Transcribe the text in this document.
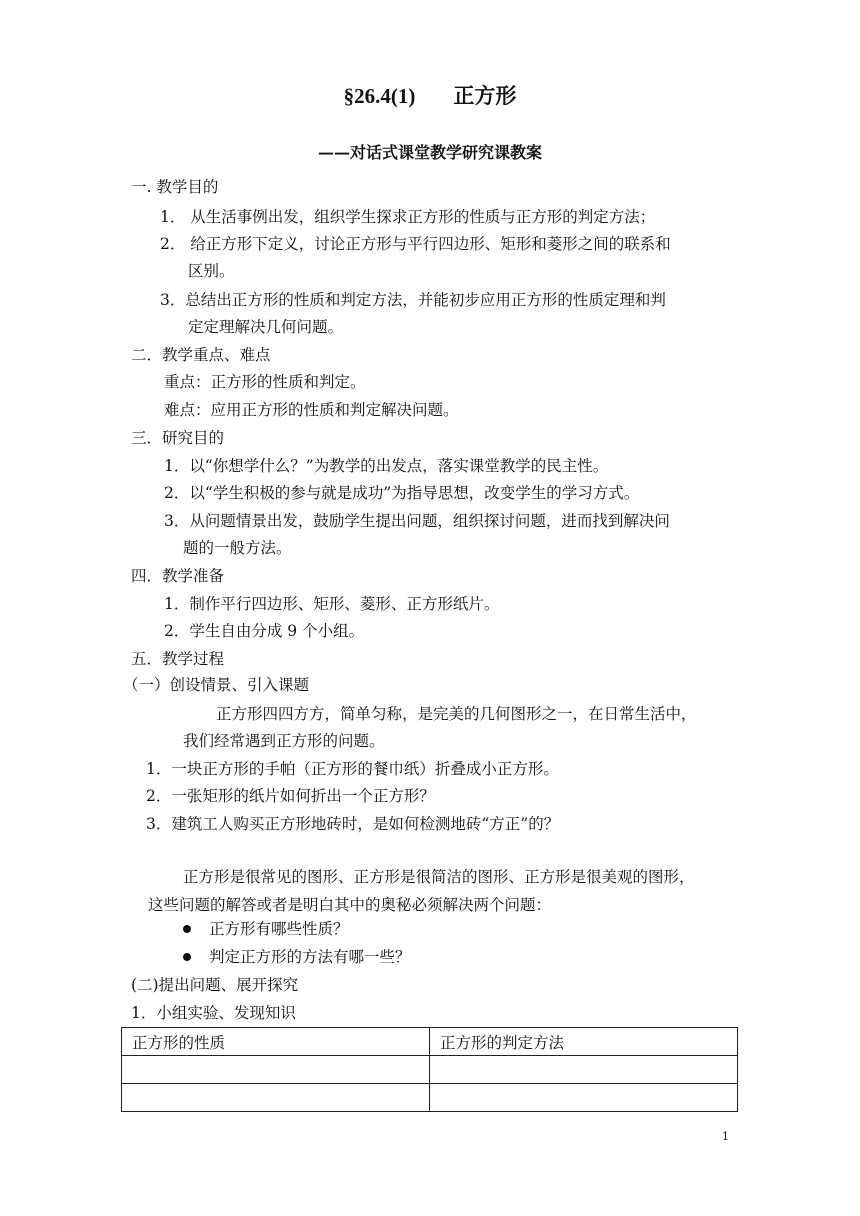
§26.4(1) 正方形
——对话式课堂教学研究课教案
一. 教学目的
1． 从生活事例出发，组织学生探求正方形的性质与正方形的判定方法；
2． 给正方形下定义，讨论正方形与平行四边形、矩形和菱形之间的联系和
区别。
3．总结出正方形的性质和判定方法，并能初步应用正方形的性质定理和判
定定理解决几何问题。
二．教学重点、难点
重点：正方形的性质和判定。
难点：应用正方形的性质和判定解决问题。
三．研究目的
1．以“你想学什么？”为教学的出发点，落实课堂教学的民主性。
2．以“学生积极的参与就是成功”为指导思想，改变学生的学习方式。
3．从问题情景出发，鼓励学生提出问题，组织探讨问题，进而找到解决问
题的一般方法。
四．教学准备
1．制作平行四边形、矩形、菱形、正方形纸片。
2．学生自由分成 9 个小组。
五．教学过程
（一）创设情景、引入课题
正方形四四方方，简单匀称，是完美的几何图形之一，在日常生活中，
我们经常遇到正方形的问题。
1．一块正方形的手帕（正方形的餐巾纸）折叠成小正方形。
2．一张矩形的纸片如何折出一个正方形？
3．建筑工人购买正方形地砖时，是如何检测地砖“方正”的？
正方形是很常见的图形、正方形是很简洁的图形、正方形是很美观的图形，
这些问题的解答或者是明白其中的奥秘必须解决两个问题：
正方形有哪些性质？
判定正方形的方法有哪一些？
(二)提出问题、展开探究
1．小组实验、发现知识
正方形的性质	正方形的判定方法

1
